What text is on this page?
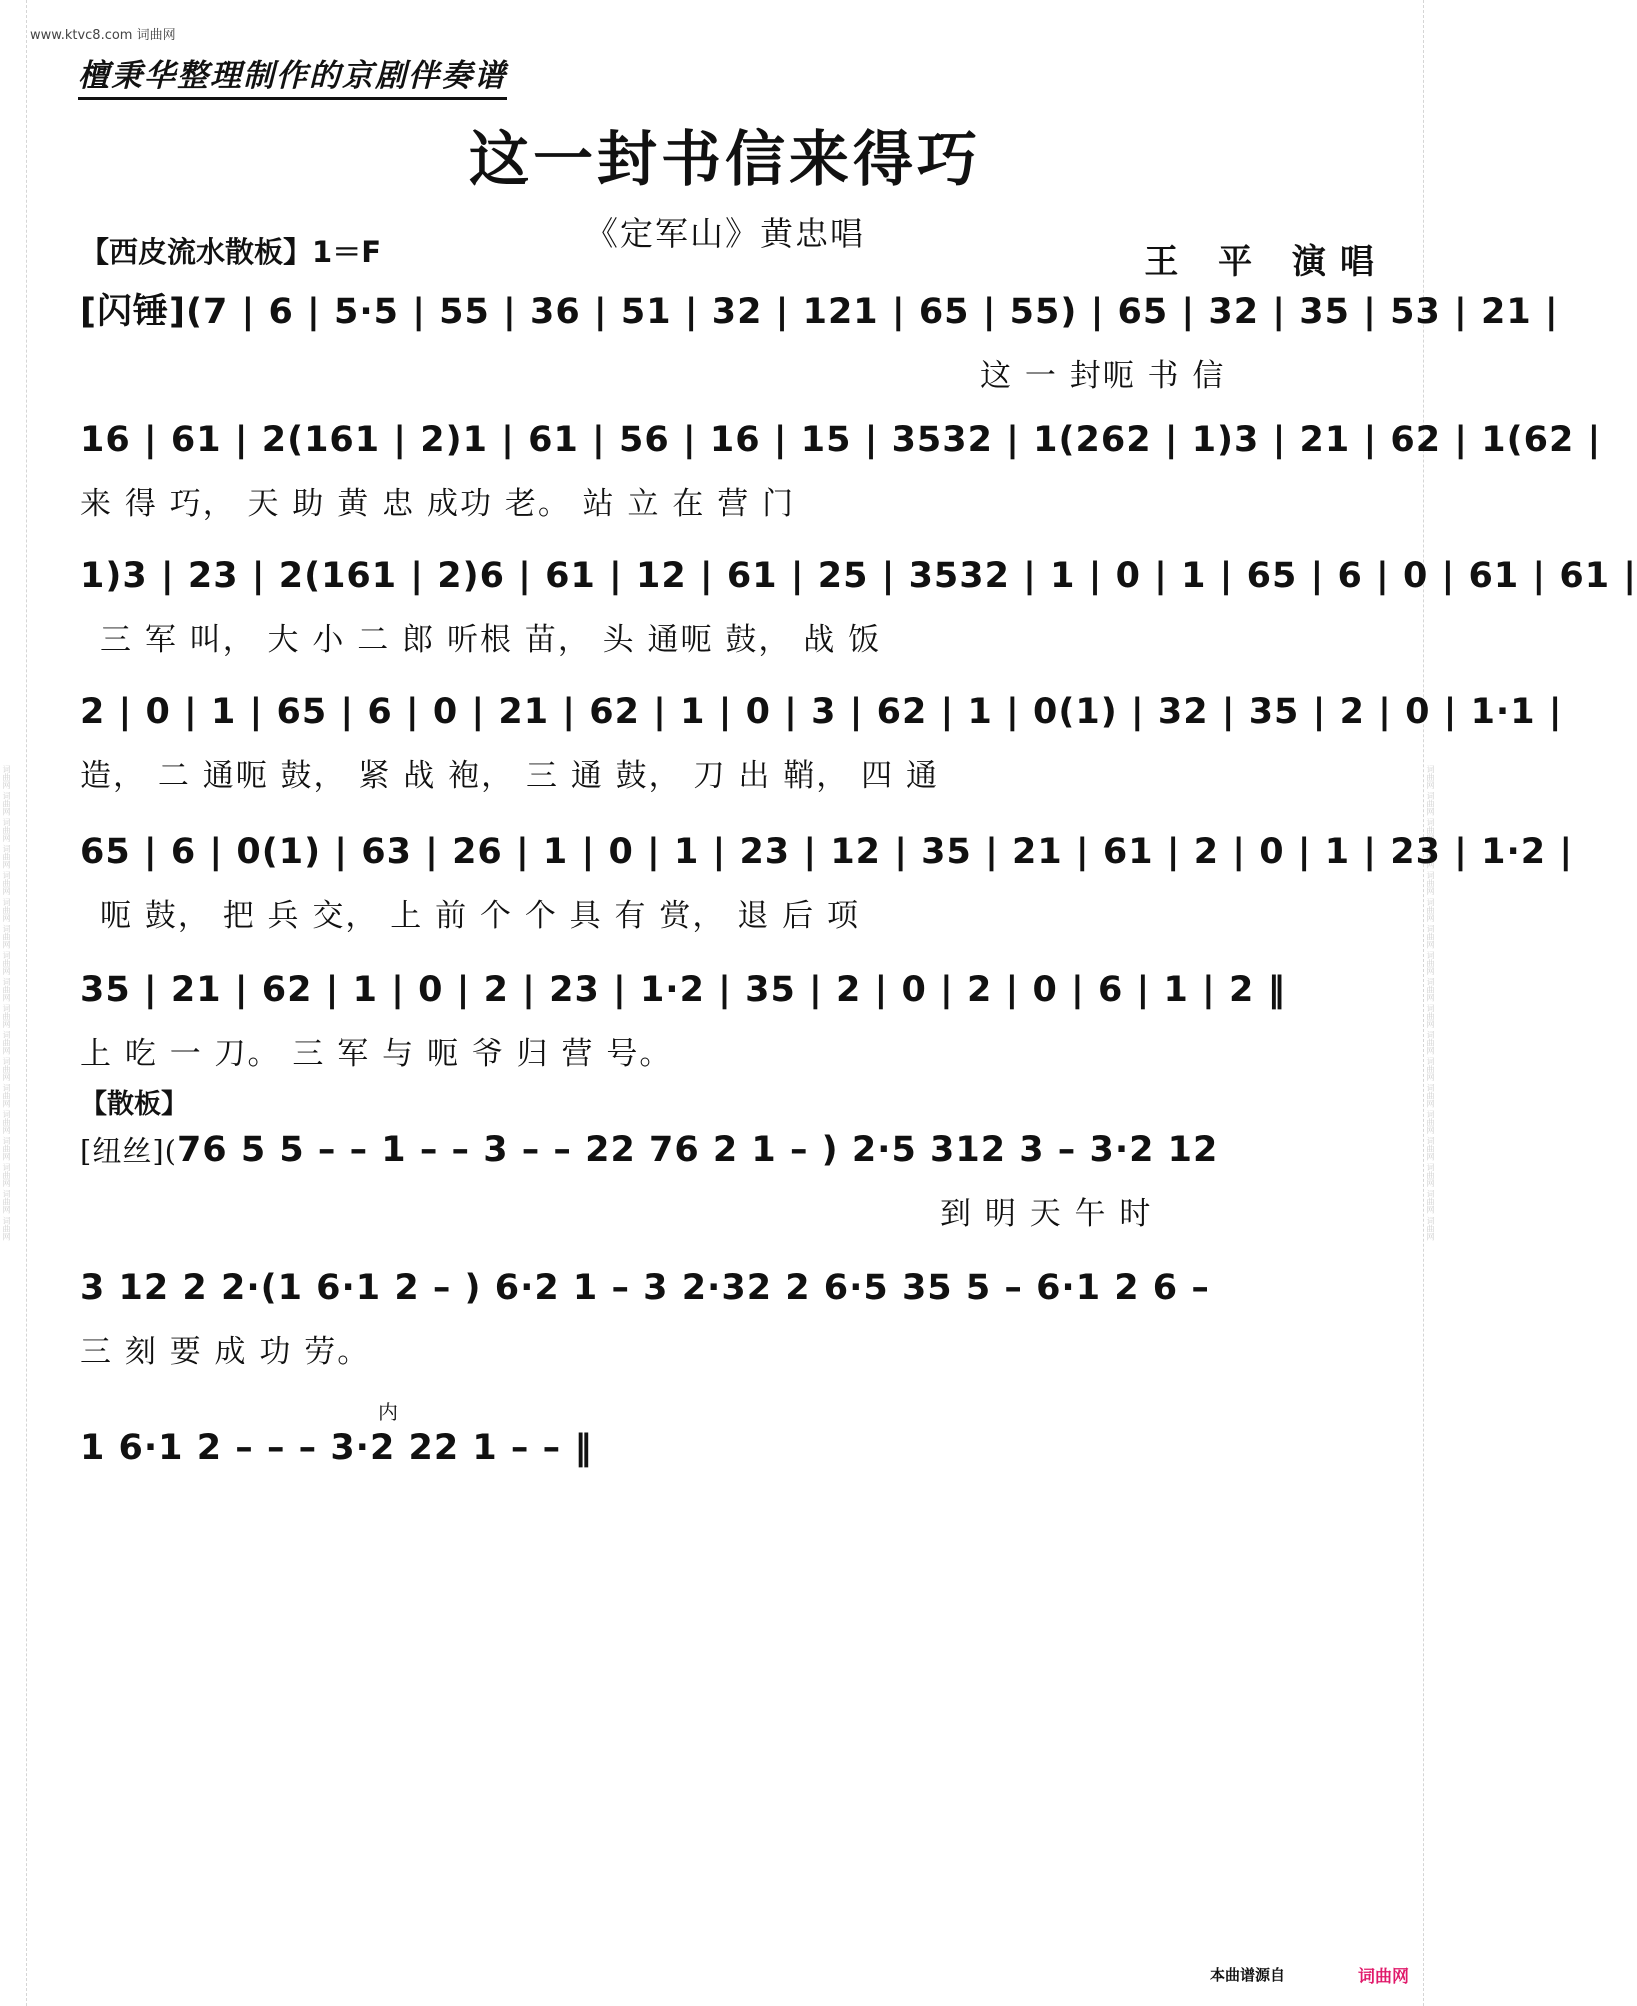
词曲网 词曲网 词曲网 词曲网 词曲网 词曲网 词曲网 词曲网 词曲网 词曲网 词曲网 词曲网 词曲网 词曲网 词曲网 词曲网 词曲网 词曲网	词曲网 词曲网 词曲网 词曲网 词曲网 词曲网 词曲网 词曲网 词曲网 词曲网 词曲网 词曲网 词曲网 词曲网 词曲网 词曲网 词曲网 词曲网
www.ktvc8.com 词曲网
檀秉华整理制作的京剧伴奏谱
这一封书信来得巧
《定军山》黄忠唱
【西皮流水散板】1＝F	王 平 演唱
[闪锤](7 | 6 | 5·5 | 55 | 36 | 51 | 32 | 121 | 65 | 55) | 65 | 32 | 35 | 53 | 21 |
这 一 封呃 书 信
16 | 61 | 2(161 | 2)1 | 61 | 56 | 16 | 15 | 3532 | 1(262 | 1)3 | 21 | 62 | 1(62 |
来 得 巧， 天 助 黄 忠 成功 老。 站 立 在 营 门
1)3 | 23 | 2(161 | 2)6 | 61 | 12 | 61 | 25 | 3532 | 1 | 0 | 1 | 65 | 6 | 0 | 61 | 61 |
三 军 叫， 大 小 二 郎 听根 苗， 头 通呃 鼓， 战 饭
2 | 0 | 1 | 65 | 6 | 0 | 21 | 62 | 1 | 0 | 3 | 62 | 1 | 0(1) | 32 | 35 | 2 | 0 | 1·1 |
造， 二 通呃 鼓， 紧 战 袍， 三 通 鼓， 刀 出 鞘， 四 通
65 | 6 | 0(1) | 63 | 26 | 1 | 0 | 1 | 23 | 12 | 35 | 21 | 61 | 2 | 0 | 1 | 23 | 1·2 |
呃 鼓， 把 兵 交， 上 前 个 个 具 有 赏， 退 后 项
35 | 21 | 62 | 1 | 0 | 2 | 23 | 1·2 | 35 | 2 | 0 | 2 | 0 | 6 | 1 | 2 ‖
上 吃 一 刀。 三 军 与 呃 爷 归 营 号。
【散板】
[纽丝](76 5 5 – – 1 – – 3 – – 22 76 2 1 – ) 2·5 312 3 – 3·2 12
到 明 天 午 时
3 12 2 2·(1 6·1 2 – ) 6·2 1 – 3 2·32 2 6·5 35 5 – 6·1 2 6 –
三 刻 要 成 功 劳。
内
1 6·1 2 – – – 3·2 22 1 – – ‖
本曲谱源自	词曲网
